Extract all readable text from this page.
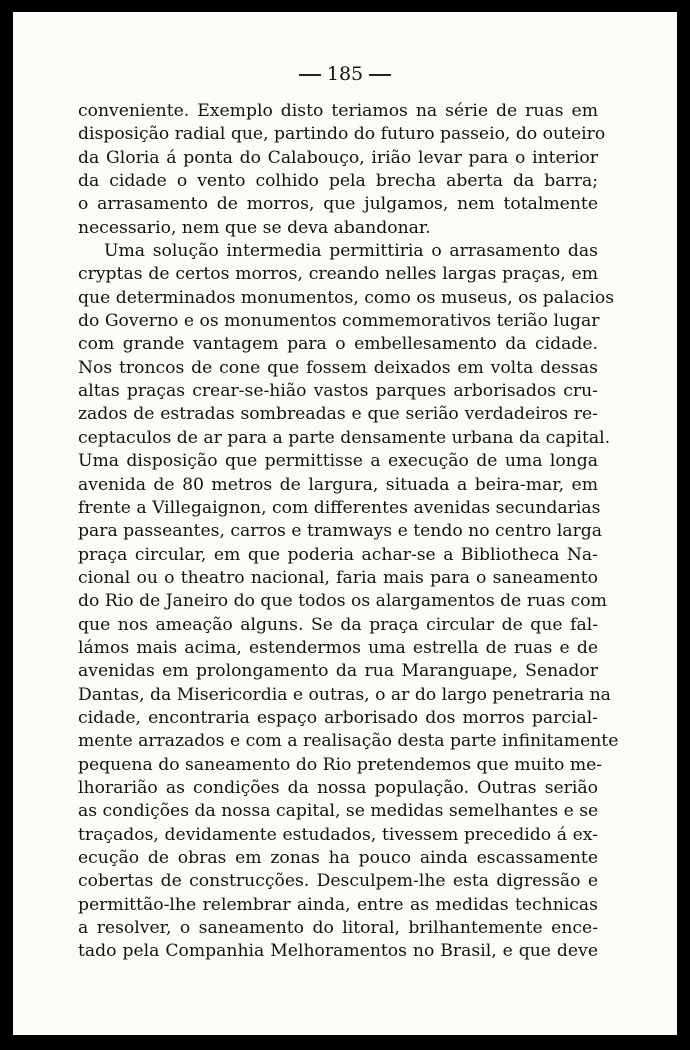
185
conveniente. Exemplo disto teriamos na série de ruas em
disposição radial que, partindo do futuro passeio, do outeiro
da Gloria á ponta do Calabouço, irião levar para o interior
da cidade o vento colhido pela brecha aberta da barra;
o arrasamento de morros, que julgamos, nem totalmente
necessario, nem que se deva abandonar.
Uma solução intermedia permittiria o arrasamento das
cryptas de certos morros, creando nelles largas praças, em
que determinados monumentos, como os museus, os palacios
do Governo e os monumentos commemorativos terião lugar
com grande vantagem para o embellesamento da cidade.
Nos troncos de cone que fossem deixados em volta dessas
altas praças crear-se-hião vastos parques arborisados cru-
zados de estradas sombreadas e que serião verdadeiros re-
ceptaculos de ar para a parte densamente urbana da capital.
Uma disposição que permittisse a execução de uma longa
avenida de 80 metros de largura, situada a beira-mar, em
frente a Villegaignon, com differentes avenidas secundarias
para passeantes, carros e tramways e tendo no centro larga
praça circular, em que poderia achar-se a Bibliotheca Na-
cional ou o theatro nacional, faria mais para o saneamento
do Rio de Janeiro do que todos os alargamentos de ruas com
que nos ameação alguns. Se da praça circular de que fal-
lámos mais acima, estendermos uma estrella de ruas e de
avenidas em prolongamento da rua Maranguape, Senador
Dantas, da Misericordia e outras, o ar do largo penetraria na
cidade, encontraria espaço arborisado dos morros parcial-
mente arrazados e com a realisação desta parte infinitamente
pequena do saneamento do Rio pretendemos que muito me-
lhorarião as condições da nossa população. Outras serião
as condições da nossa capital, se medidas semelhantes e se
traçados, devidamente estudados, tivessem precedido á ex-
ecução de obras em zonas ha pouco ainda escassamente
cobertas de construcções. Desculpem-lhe esta digressão e
permittão-lhe relembrar ainda, entre as medidas technicas
a resolver, o saneamento do litoral, brilhantemente ence-
tado pela Companhia Melhoramentos no Brasil, e que deve
